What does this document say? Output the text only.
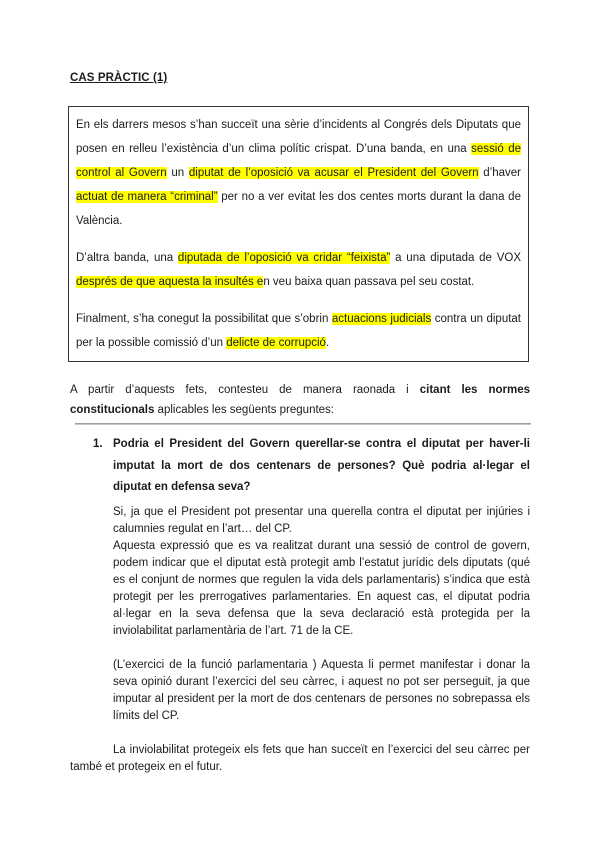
CAS PRÀCTIC (1)

En els darrers mesos s’han succeït una sèrie d’incidents al Congrés dels Diputats que posen en relleu l’existència d’un clima polític crispat. D’una banda, en una sessió de control al Govern un diputat de l’oposició va acusar el President del Govern d’haver actuat de manera “criminal” per no a ver evitat les dos centes morts durant la dana de València.

D’altra banda, una diputada de l’oposició va cridar “feixista” a una diputada de VOX després de que aquesta la insultés en veu baixa quan passava pel seu costat.

Finalment, s’ha conegut la possibilitat que s’obrin actuacions judicials contra un diputat per la possible comissió d’un delicte de corrupció.

A partir d’aquests fets, contesteu de manera raonada i citant les normes constitucionals aplicables les següents preguntes:

1. Podria el President del Govern querellar-se contra el diputat per haver-li imputat la mort de dos centenars de persones? Què podria al·legar el diputat en defensa seva?

Si, ja que el President pot presentar una querella contra el diputat per injúries i calumnies regulat en l’art… del CP.

Aquesta expressió que es va realitzat durant una sessió de control de govern, podem indicar que el diputat està protegit amb l’estatut jurídic dels diputats (qué es el conjunt de normes que regulen la vida dels parlamentaris) s’indica que està protegit per les prerrogatives parlamentaries. En aquest cas, el diputat podria al·legar en la seva defensa que la seva declaració està protegida per la inviolabilitat parlamentària de l’art. 71 de la CE.

(L’exercici de la funció parlamentaria ) Aquesta li permet manifestar i donar la seva opinió durant l’exercici del seu càrrec, i aquest no pot ser perseguit, ja que imputar al president per la mort de dos centenars de persones no sobrepassa els límits del CP.

La inviolabilitat protegeix els fets que han succeït en l’exercici del seu càrrec per també et protegeix en el futur.
